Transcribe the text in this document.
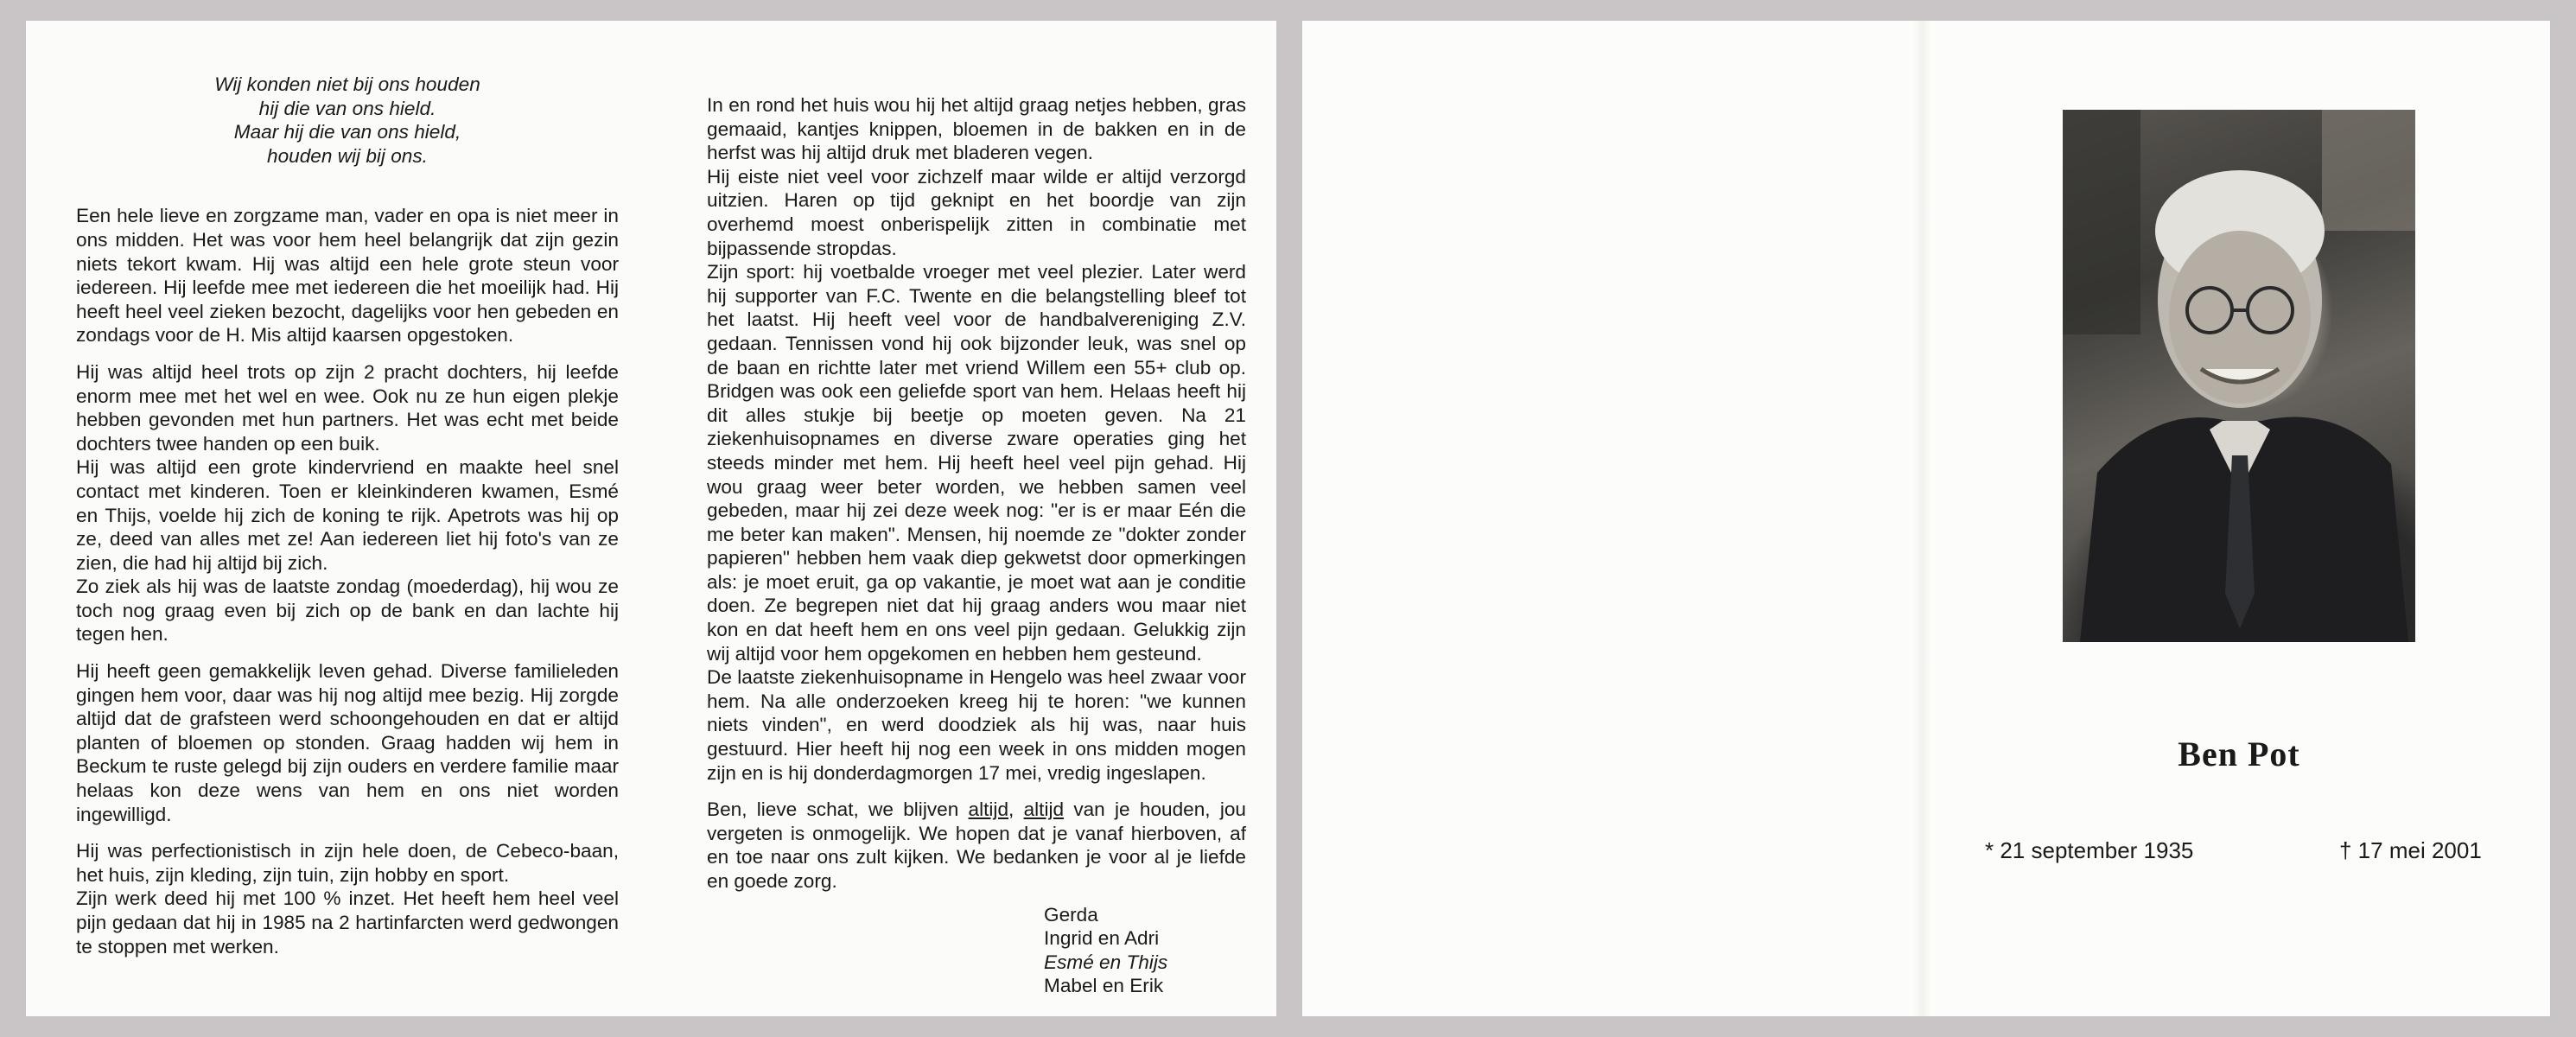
Wij konden niet bij ons houden
hij die van ons hield.
Maar hij die van ons hield,
houden wij bij ons.

Een hele lieve en zorgzame man, vader en opa is niet meer in ons midden. Het was voor hem heel belangrijk dat zijn gezin niets tekort kwam. Hij was altijd een hele grote steun voor iedereen. Hij leefde mee met iedereen die het moeilijk had. Hij heeft heel veel zieken bezocht, dagelijks voor hen gebeden en zondags voor de H. Mis altijd kaarsen opgestoken.

Hij was altijd heel trots op zijn 2 pracht dochters, hij leefde enorm mee met het wel en wee. Ook nu ze hun eigen plekje hebben gevonden met hun partners. Het was echt met beide dochters twee handen op een buik.

Hij was altijd een grote kindervriend en maakte heel snel contact met kinderen. Toen er kleinkinderen kwamen, Esmé en Thijs, voelde hij zich de koning te rijk. Apetrots was hij op ze, deed van alles met ze! Aan iedereen liet hij foto's van ze zien, die had hij altijd bij zich.

Zo ziek als hij was de laatste zondag (moederdag), hij wou ze toch nog graag even bij zich op de bank en dan lachte hij tegen hen.

Hij heeft geen gemakkelijk leven gehad. Diverse familieleden gingen hem voor, daar was hij nog altijd mee bezig. Hij zorgde altijd dat de grafsteen werd schoongehouden en dat er altijd planten of bloemen op stonden. Graag hadden wij hem in Beckum te ruste gelegd bij zijn ouders en verdere familie maar helaas kon deze wens van hem en ons niet worden ingewilligd.

Hij was perfectionistisch in zijn hele doen, de Cebeco-baan, het huis, zijn kleding, zijn tuin, zijn hobby en sport.

Zijn werk deed hij met 100 % inzet. Het heeft hem heel veel pijn gedaan dat hij in 1985 na 2 hartinfarcten werd gedwongen te stoppen met werken.

In en rond het huis wou hij het altijd graag netjes hebben, gras gemaaid, kantjes knippen, bloemen in de bakken en in de herfst was hij altijd druk met bladeren vegen.

Hij eiste niet veel voor zichzelf maar wilde er altijd verzorgd uitzien. Haren op tijd geknipt en het boordje van zijn overhemd moest onberispelijk zitten in combinatie met bijpassende stropdas.

Zijn sport: hij voetbalde vroeger met veel plezier. Later werd hij supporter van F.C. Twente en die belangstelling bleef tot het laatst. Hij heeft veel voor de handbalvereniging Z.V. gedaan. Tennissen vond hij ook bijzonder leuk, was snel op de baan en richtte later met vriend Willem een 55+ club op. Bridgen was ook een geliefde sport van hem. Helaas heeft hij dit alles stukje bij beetje op moeten geven. Na 21 ziekenhuisopnames en diverse zware operaties ging het steeds minder met hem. Hij heeft heel veel pijn gehad. Hij wou graag weer beter worden, we hebben samen veel gebeden, maar hij zei deze week nog: "er is er maar Eén die me beter kan maken". Mensen, hij noemde ze "dokter zonder papieren" hebben hem vaak diep gekwetst door opmerkingen als: je moet eruit, ga op vakantie, je moet wat aan je conditie doen. Ze begrepen niet dat hij graag anders wou maar niet kon en dat heeft hem en ons veel pijn gedaan. Gelukkig zijn wij altijd voor hem opgekomen en hebben hem gesteund.

De laatste ziekenhuisopname in Hengelo was heel zwaar voor hem. Na alle onderzoeken kreeg hij te horen: "we kunnen niets vinden", en werd doodziek als hij was, naar huis gestuurd. Hier heeft hij nog een week in ons midden mogen zijn en is hij donderdagmorgen 17 mei, vredig ingeslapen.

Ben, lieve schat, we blijven altijd, altijd van je houden, jou vergeten is onmogelijk. We hopen dat je vanaf hierboven, af en toe naar ons zult kijken. We bedanken je voor al je liefde en goede zorg.

Gerda
Ingrid en Adri
Esmé en Thijs
Mabel en Erik
Ben Pot
* 21 september 1935	† 17 mei 2001
